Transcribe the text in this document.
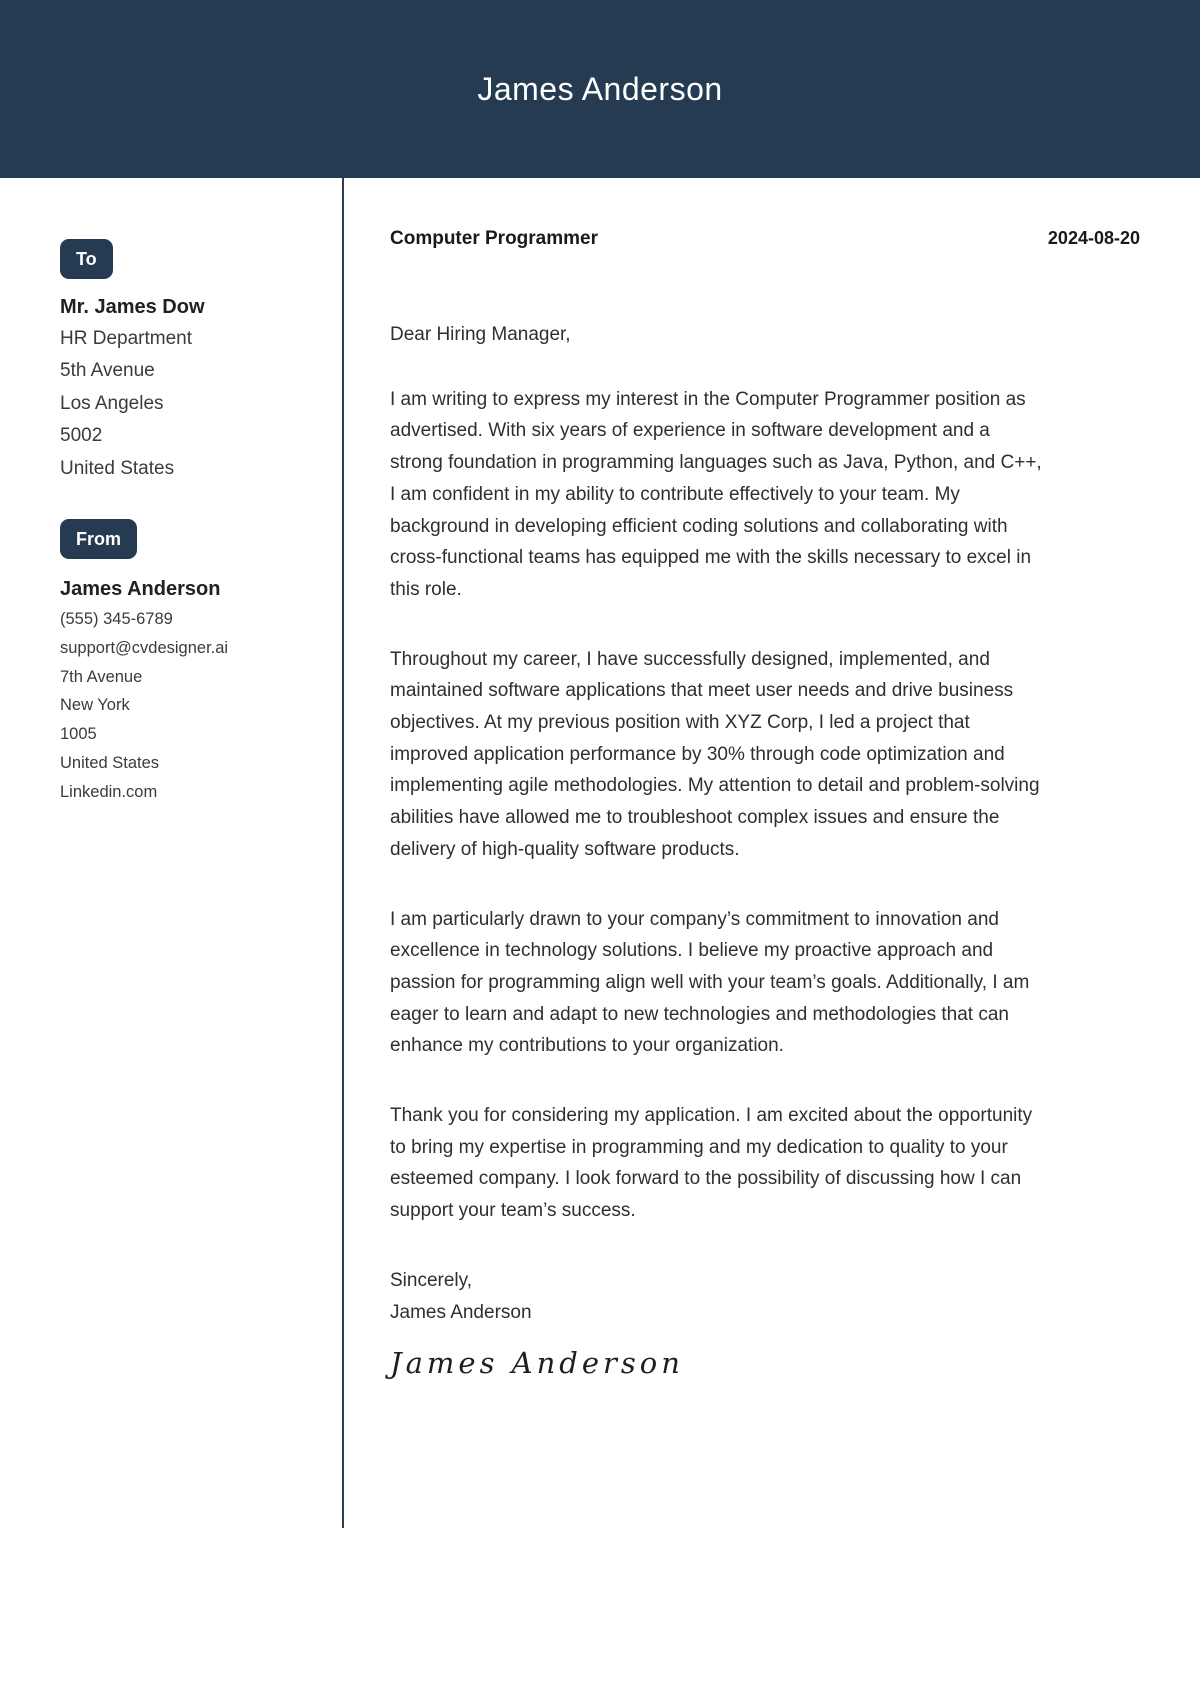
James Anderson
To
Mr. James Dow
HR Department
5th Avenue
Los Angeles
5002
United States
From
James Anderson
(555) 345-6789
support@cvdesigner.ai
7th Avenue
New York
1005
United States
Linkedin.com
Computer Programmer	2024-08-20

Dear Hiring Manager,

I am writing to express my interest in the Computer Programmer position as advertised. With six years of experience in software development and a strong foundation in programming languages such as Java, Python, and C++, I am confident in my ability to contribute effectively to your team. My background in developing efficient coding solutions and collaborating with cross-functional teams has equipped me with the skills necessary to excel in this role.

Throughout my career, I have successfully designed, implemented, and maintained software applications that meet user needs and drive business objectives. At my previous position with XYZ Corp, I led a project that improved application performance by 30% through code optimization and implementing agile methodologies. My attention to detail and problem-solving abilities have allowed me to troubleshoot complex issues and ensure the delivery of high-quality software products.

I am particularly drawn to your company’s commitment to innovation and excellence in technology solutions. I believe my proactive approach and passion for programming align well with your team’s goals. Additionally, I am eager to learn and adapt to new technologies and methodologies that can enhance my contributions to your organization.

Thank you for considering my application. I am excited about the opportunity to bring my expertise in programming and my dedication to quality to your esteemed company. I look forward to the possibility of discussing how I can support your team’s success.

Sincerely,
James Anderson
James Anderson
